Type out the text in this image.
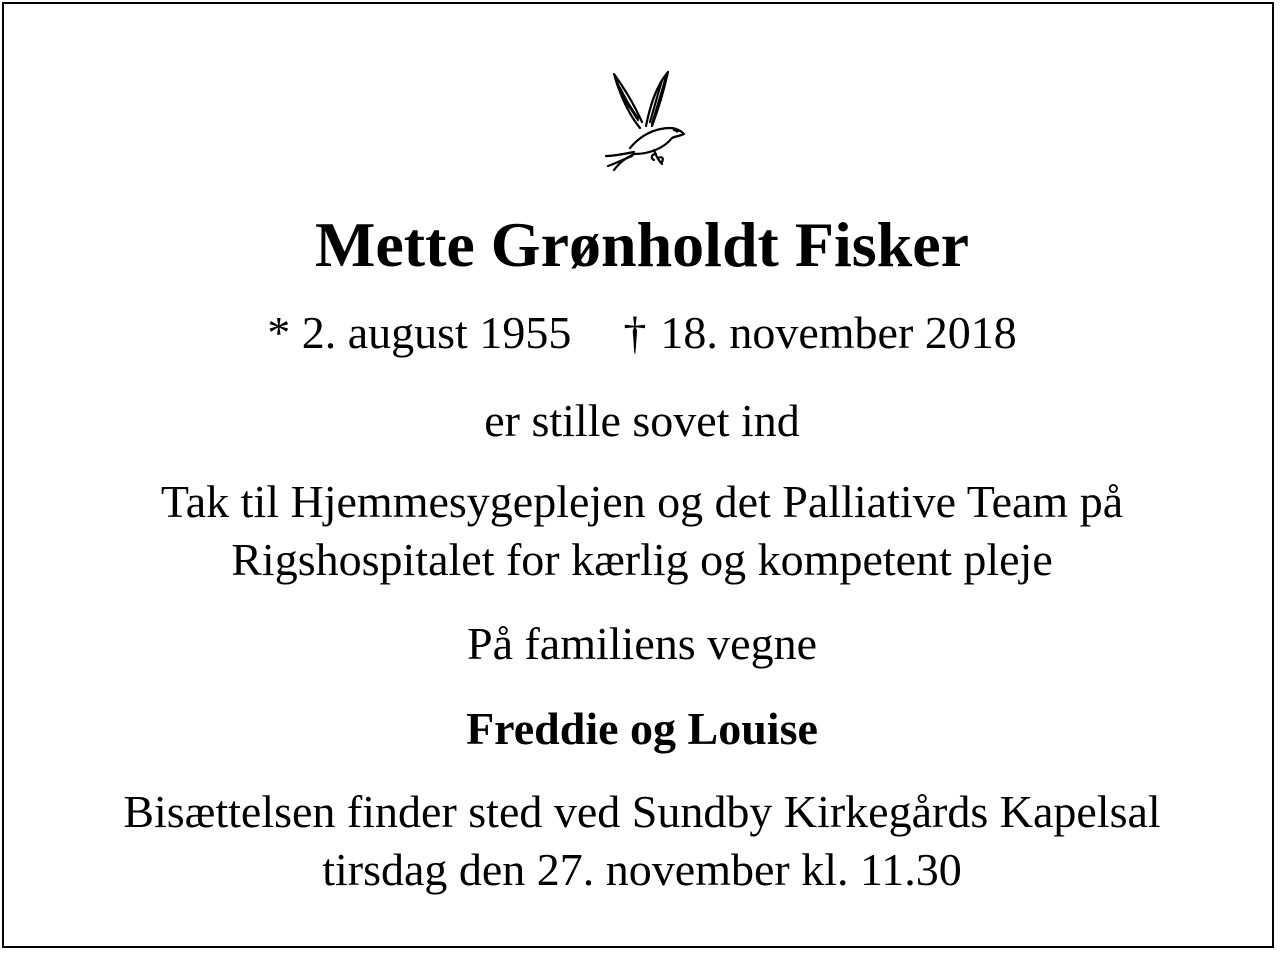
Mette Grønholdt Fisker
* 2. august 1955 † 18. november 2018
er stille sovet ind
Tak til Hjemmesygeplejen og det Palliative Team på
Rigshospitalet for kærlig og kompetent pleje
På familiens vegne
Freddie og Louise
Bisættelsen finder sted ved Sundby Kirkegårds Kapelsal
tirsdag den 27. november kl. 11.30
